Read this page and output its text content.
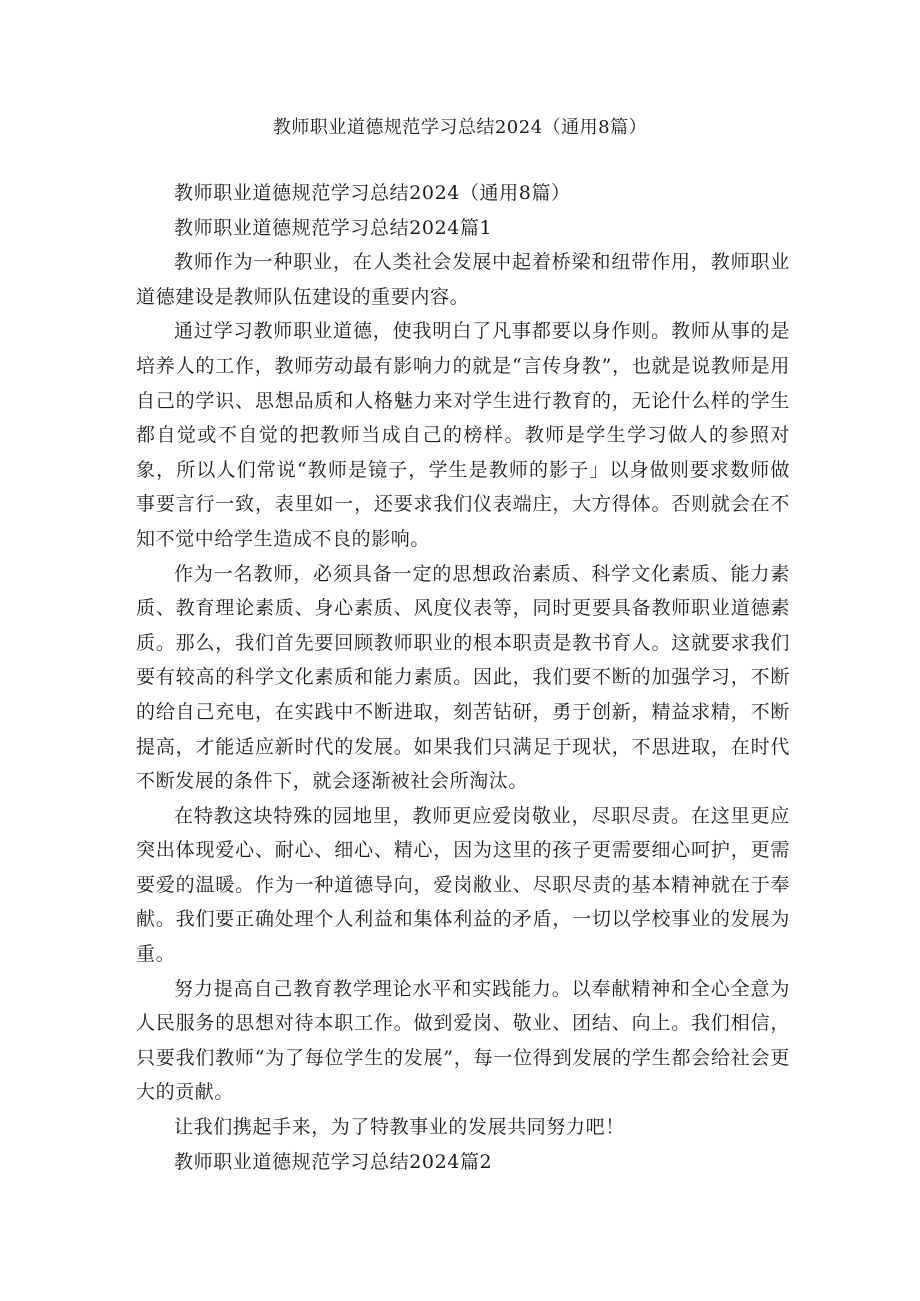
教师职业道德规范学习总结2024（通用8篇）

教师职业道德规范学习总结2024（通用8篇）

教师职业道德规范学习总结2024篇1

教师作为一种职业，在人类社会发展中起着桥梁和纽带作用，教师职业道德建设是教师队伍建设的重要内容。

通过学习教师职业道德，使我明白了凡事都要以身作则。教师从事的是培养人的工作，教师劳动最有影响力的就是“言传身教”，也就是说教师是用自己的学识、思想品质和人格魅力来对学生进行教育的，无论什么样的学生都自觉或不自觉的把教师当成自己的榜样。教师是学生学习做人的参照对象，所以人们常说“教师是镜子，学生是教师的影子」以身做则要求数师做事要言行一致，表里如一，还要求我们仪表端庄，大方得体。否则就会在不知不觉中给学生造成不良的影响。

作为一名教师，必须具备一定的思想政治素质、科学文化素质、能力素质、教育理论素质、身心素质、风度仪表等，同时更要具备教师职业道德素质。那么，我们首先要回顾教师职业的根本职责是教书育人。这就要求我们要有较高的科学文化素质和能力素质。因此，我们要不断的加强学习，不断的给自己充电，在实践中不断进取，刻苦钻研，勇于创新，精益求精，不断提高，才能适应新时代的发展。如果我们只满足于现状，不思进取，在时代不断发展的条件下，就会逐渐被社会所淘汰。

在特教这块特殊的园地里，教师更应爱岗敬业，尽职尽责。在这里更应突出体现爱心、耐心、细心、精心，因为这里的孩子更需要细心呵护，更需要爱的温暖。作为一种道德导向，爱岗敝业、尽职尽责的基本精神就在于奉献。我们要正确处理个人利益和集体利益的矛盾，一切以学校事业的发展为重。

努力提高自己教育教学理论水平和实践能力。以奉献精神和全心全意为人民服务的思想对待本职工作。做到爱岗、敬业、团结、向上。我们相信，只要我们教师“为了每位学生的发展”，每一位得到发展的学生都会给社会更大的贡献。

让我们携起手来，为了特教事业的发展共同努力吧！

教师职业道德规范学习总结2024篇2
